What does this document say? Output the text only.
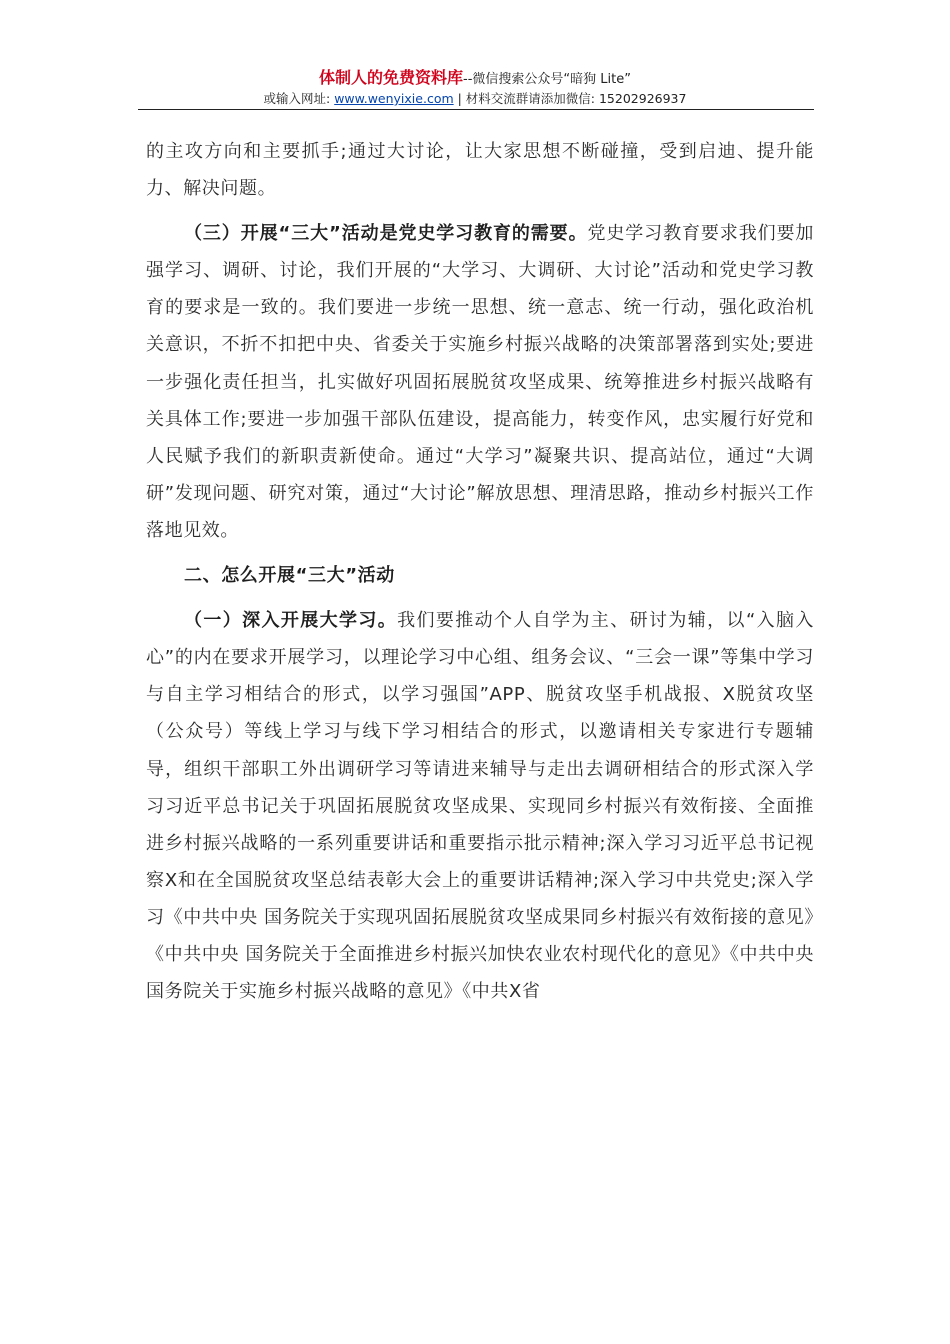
体制人的免费资料库--微信搜索公众号“暗狗 Lite”
或输入网址: www.wenyixie.com | 材料交流群请添加微信: 15202926937

的主攻方向和主要抓手;通过大讨论，让大家思想不断碰撞，受到启迪、提升能力、解决问题。

（三）开展“三大”活动是党史学习教育的需要。党史学习教育要求我们要加强学习、调研、讨论，我们开展的“大学习、大调研、大讨论”活动和党史学习教育的要求是一致的。我们要进一步统一思想、统一意志、统一行动，强化政治机关意识，不折不扣把中央、省委关于实施乡村振兴战略的决策部署落到实处;要进一步强化责任担当，扎实做好巩固拓展脱贫攻坚成果、统筹推进乡村振兴战略有关具体工作;要进一步加强干部队伍建设，提高能力，转变作风，忠实履行好党和人民赋予我们的新职责新使命。通过“大学习”凝聚共识、提高站位，通过“大调研”发现问题、研究对策，通过“大讨论”解放思想、理清思路，推动乡村振兴工作落地见效。

二、怎么开展“三大”活动

（一）深入开展大学习。我们要推动个人自学为主、研讨为辅，以“入脑入心”的内在要求开展学习，以理论学习中心组、组务会议、“三会一课”等集中学习与自主学习相结合的形式，以学习强国”APP、脱贫攻坚手机战报、X脱贫攻坚（公众号）等线上学习与线下学习相结合的形式，以邀请相关专家进行专题辅导，组织干部职工外出调研学习等请进来辅导与走出去调研相结合的形式深入学习习近平总书记关于巩固拓展脱贫攻坚成果、实现同乡村振兴有效衔接、全面推进乡村振兴战略的一系列重要讲话和重要指示批示精神;深入学习习近平总书记视察X和在全国脱贫攻坚总结表彰大会上的重要讲话精神;深入学习中共党史;深入学习《中共中央 国务院关于实现巩固拓展脱贫攻坚成果同乡村振兴有效衔接的意见》《中共中央 国务院关于全面推进乡村振兴加快农业农村现代化的意见》《中共中央 国务院关于实施乡村振兴战略的意见》《中共X省
